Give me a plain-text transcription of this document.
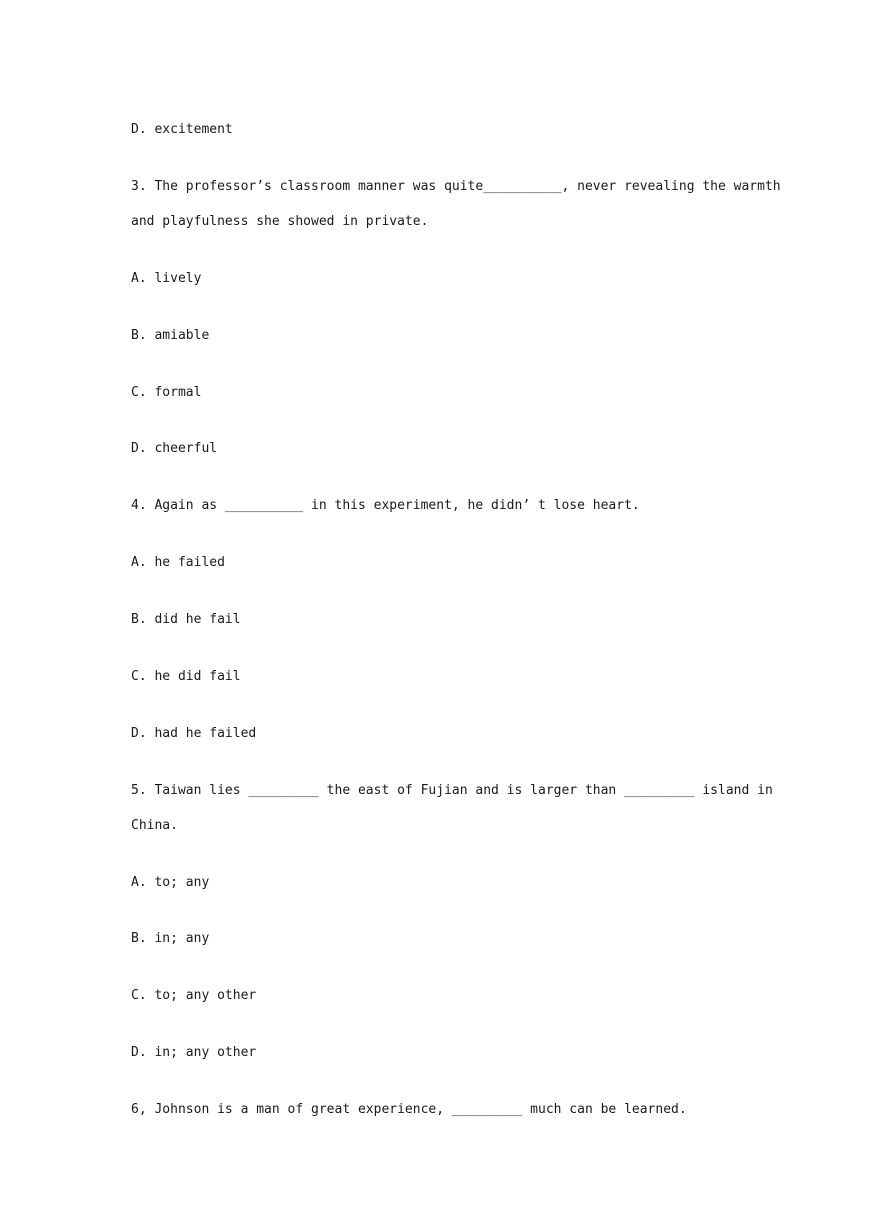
D. excitement
3. The professor’s classroom manner was quite__________, never revealing the warmth
and playfulness she showed in private.
A. lively
B. amiable
C. formal
D. cheerful
4. Again as __________ in this experiment, he didn’ t lose heart.
A. he failed
B. did he fail
C. he did fail
D. had he failed
5. Taiwan lies _________ the east of Fujian and is larger than _________ island in
China.
A. to; any
B. in; any
C. to; any other
D. in; any other
6, Johnson is a man of great experience, _________ much can be learned.
